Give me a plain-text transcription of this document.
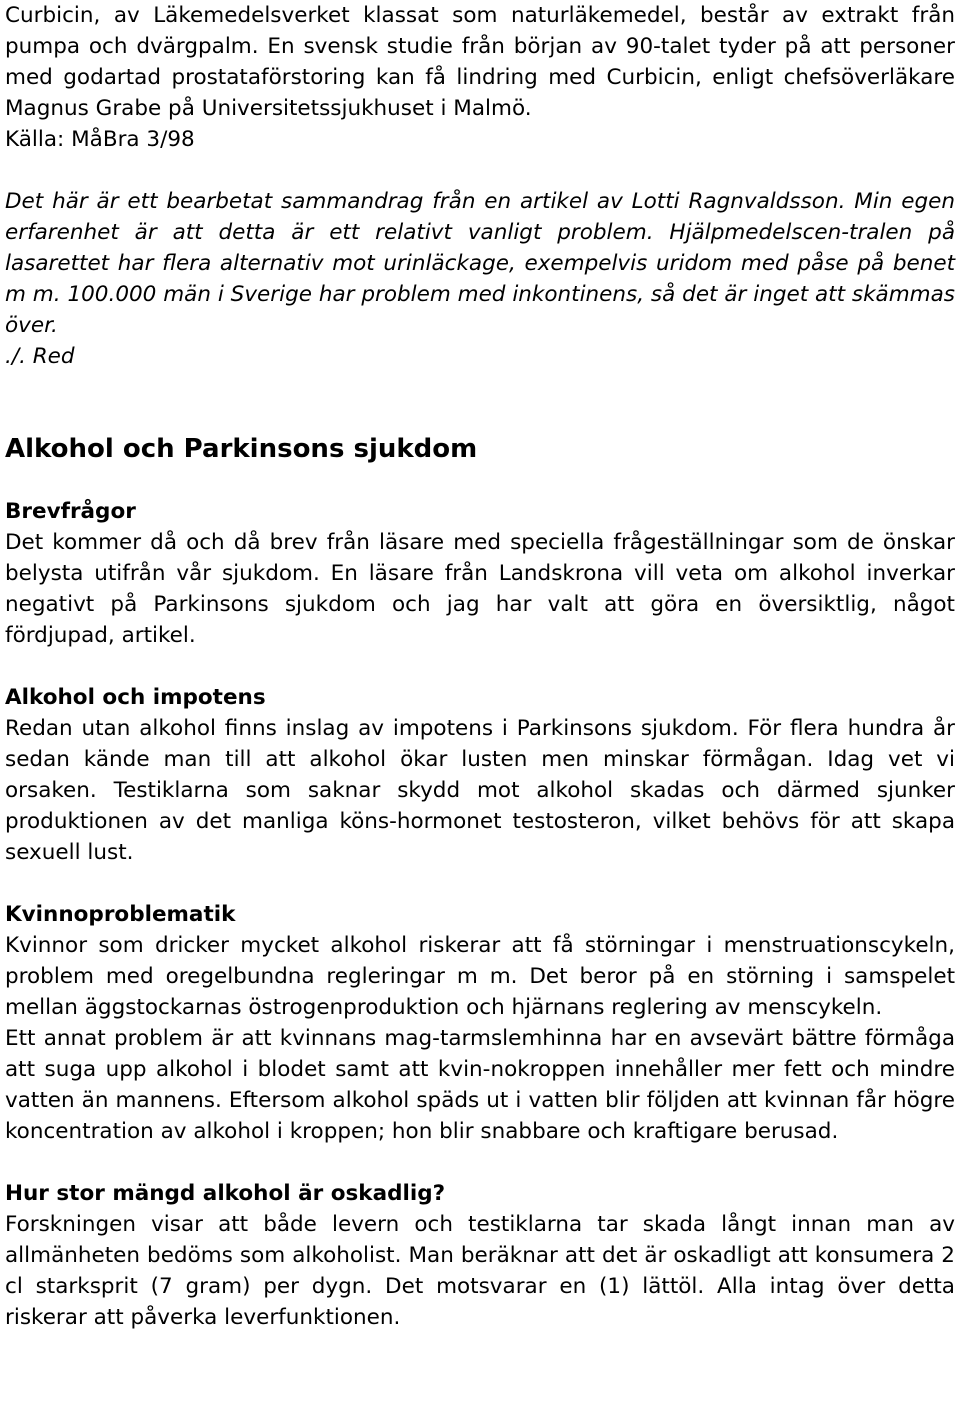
Curbicin, av Läkemedelsverket klassat som naturläkemedel, består av extrakt från pumpa och dvärgpalm. En svensk studie från början av 90-talet tyder på att personer med godartad prostataförstoring kan få lindring med Curbicin, enligt chefsöverläkare Magnus Grabe på Universitetssjukhuset i Malmö.

Källa: MåBra 3/98

Det här är ett bearbetat sammandrag från en artikel av Lotti Ragnvaldsson. Min egen erfarenhet är att detta är ett relativt vanligt problem. Hjälpmedelscen-tralen på lasarettet har flera alternativ mot urinläckage, exempelvis uridom med påse på benet m m. 100.000 män i Sverige har problem med inkontinens, så det är inget att skämmas över.

./. Red

Alkohol och Parkinsons sjukdom
Brevfrågor

Det kommer då och då brev från läsare med speciella frågeställningar som de önskar belysta utifrån vår sjukdom. En läsare från Landskrona vill veta om alkohol inverkar negativt på Parkinsons sjukdom och jag har valt att göra en översiktlig, något fördjupad, artikel.

Alkohol och impotens

Redan utan alkohol finns inslag av impotens i Parkinsons sjukdom. För flera hundra år sedan kände man till att alkohol ökar lusten men minskar förmågan. Idag vet vi orsaken. Testiklarna som saknar skydd mot alkohol skadas och därmed sjunker produktionen av det manliga köns-hormonet testosteron, vilket behövs för att skapa sexuell lust.

Kvinnoproblematik

Kvinnor som dricker mycket alkohol riskerar att få störningar i menstruationscykeln, problem med oregelbundna regleringar m m. Det beror på en störning i samspelet mellan äggstockarnas östrogenproduktion och hjärnans reglering av menscykeln.

Ett annat problem är att kvinnans mag-tarmslemhinna har en avsevärt bättre förmåga att suga upp alkohol i blodet samt att kvin-nokroppen innehåller mer fett och mindre vatten än mannens. Eftersom alkohol späds ut i vatten blir följden att kvinnan får högre koncentration av alkohol i kroppen; hon blir snabbare och kraftigare berusad.

Hur stor mängd alkohol är oskadlig?

Forskningen visar att både levern och testiklarna tar skada långt innan man av allmänheten bedöms som alkoholist. Man beräknar att det är oskadligt att konsumera 2 cl starksprit (7 gram) per dygn. Det motsvarar en (1) lättöl. Alla intag över detta riskerar att påverka leverfunktionen.
